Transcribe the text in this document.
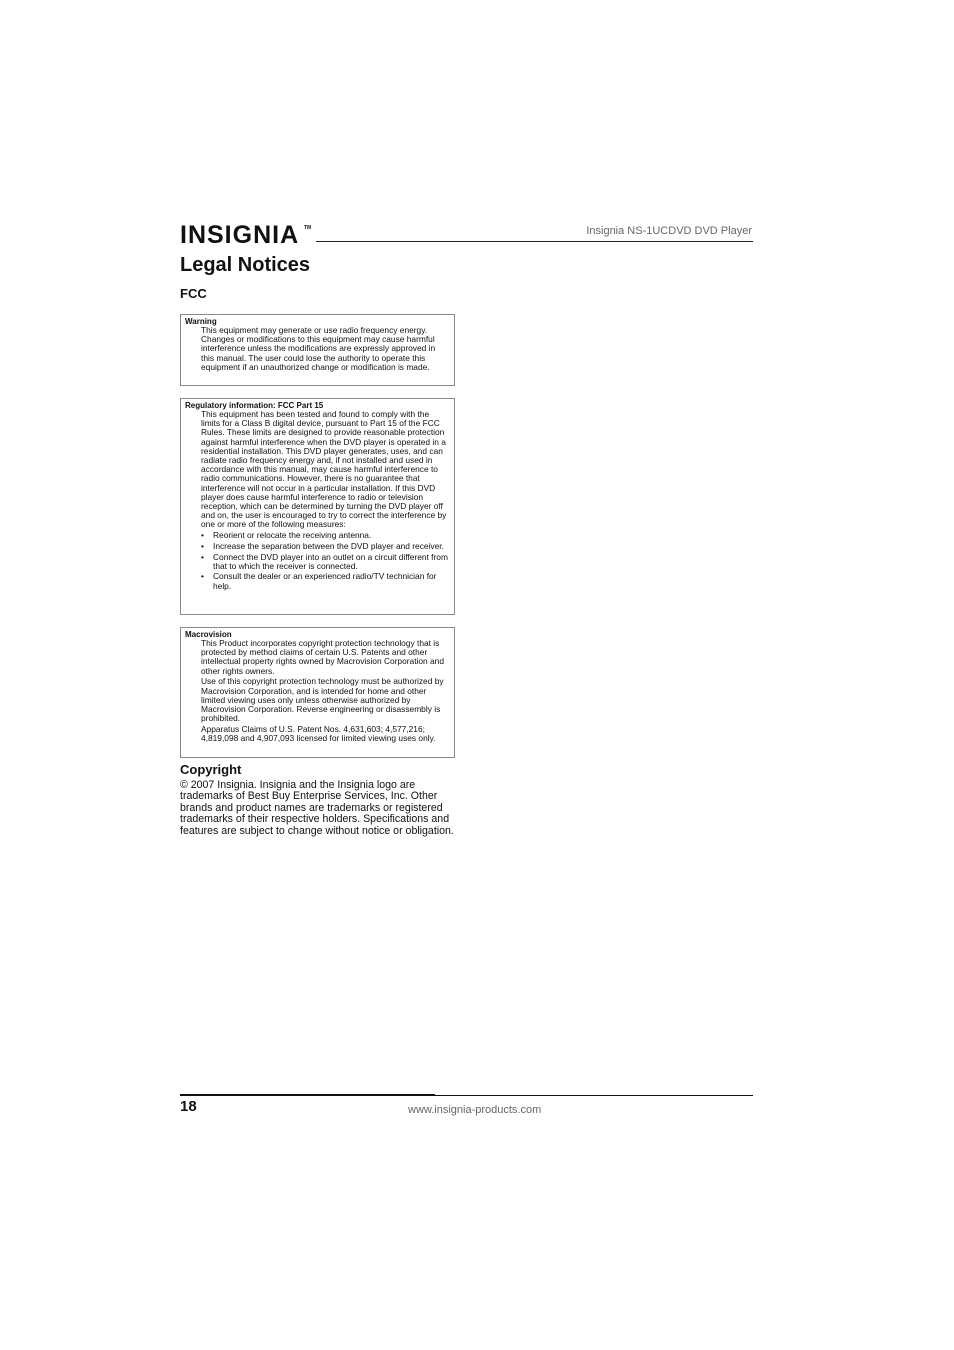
INSIGNIA TM	Insignia NS-1UCDVD DVD Player
Legal Notices
FCC
Warning

This equipment may generate or use radio frequency energy. Changes or modifications to this equipment may cause harmful interference unless the modifications are expressly approved in this manual. The user could lose the authority to operate this equipment if an unauthorized change or modification is made.

Regulatory information: FCC Part 15

This equipment has been tested and found to comply with the limits for a Class B digital device, pursuant to Part 15 of the FCC Rules. These limits are designed to provide reasonable protection against harmful interference when the DVD player is operated in a residential installation. This DVD player generates, uses, and can radiate radio frequency energy and, if not installed and used in accordance with this manual, may cause harmful interference to radio communications. However, there is no guarantee that interference will not occur in a particular installation. If this DVD player does cause harmful interference to radio or television reception, which can be determined by turning the DVD player off and on, the user is encouraged to try to correct the interference by one or more of the following measures:

• Reorient or relocate the receiving antenna.
• Increase the separation between the DVD player and receiver.
• Connect the DVD player into an outlet on a circuit different from that to which the receiver is connected.
• Consult the dealer or an experienced radio/TV technician for help.
Macrovision

This Product incorporates copyright protection technology that is protected by method claims of certain U.S. Patents and other intellectual property rights owned by Macrovision Corporation and other rights owners.

Use of this copyright protection technology must be authorized by Macrovision Corporation, and is intended for home and other limited viewing uses only unless otherwise authorized by Macrovision Corporation. Reverse engineering or disassembly is prohibited.

Apparatus Claims of U.S. Patent Nos. 4,631,603; 4,577,216; 4,819,098 and 4,907,093 licensed for limited viewing uses only.

Copyright

© 2007 Insignia. Insignia and the Insignia logo are trademarks of Best Buy Enterprise Services, Inc. Other brands and product names are trademarks or registered trademarks of their respective holders. Specifications and features are subject to change without notice or obligation.

18	www.insignia-products.com
